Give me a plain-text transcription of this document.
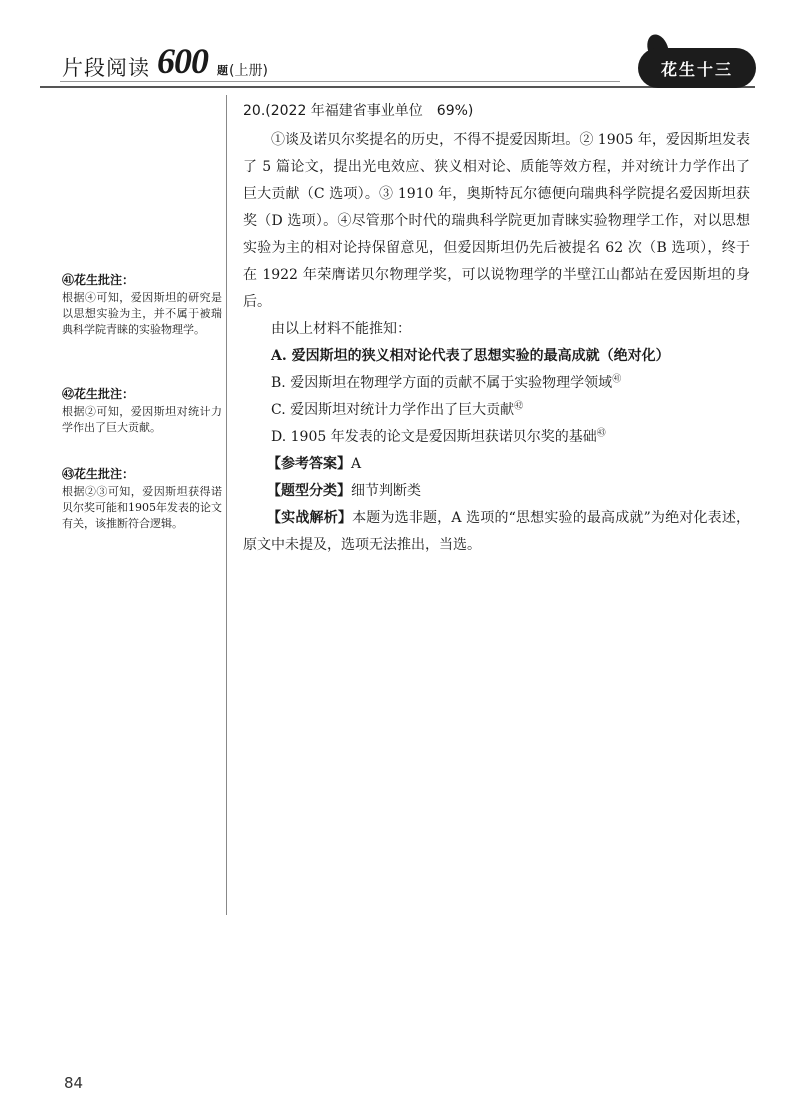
片段阅读 600 题 (上册)	花生十三
㊶花生批注：
根据④可知，爱因斯坦的研究是以思想实验为主，并不属于被瑞典科学院青睐的实验物理学。
㊷花生批注：
根据②可知，爱因斯坦对统计力学作出了巨大贡献。
㊸花生批注：
根据②③可知，爱因斯坦获得诺贝尔奖可能和1905年发表的论文有关，该推断符合逻辑。
20.(2022 年福建省事业单位　69%)

①谈及诺贝尔奖提名的历史，不得不提爱因斯坦。② 1905 年，爱因斯坦发表了 5 篇论文，提出光电效应、狭义相对论、质能等效方程，并对统计力学作出了巨大贡献（C 选项）。③ 1910 年，奥斯特瓦尔德便向瑞典科学院提名爱因斯坦获奖（D 选项）。④尽管那个时代的瑞典科学院更加青睐实验物理学工作，对以思想实验为主的相对论持保留意见，但爱因斯坦仍先后被提名 62 次（B 选项），终于在 1922 年荣膺诺贝尔物理学奖，可以说物理学的半壁江山都站在爱因斯坦的身后。

由以上材料不能推知：

A. 爱因斯坦的狭义相对论代表了思想实验的最高成就（绝对化）

B. 爱因斯坦在物理学方面的贡献不属于实验物理学领域$^㊶$

C. 爱因斯坦对统计力学作出了巨大贡献$^㊷$

D. 1905 年发表的论文是爱因斯坦获诺贝尔奖的基础$^㊸$

【参考答案】A

【题型分类】细节判断类

【实战解析】本题为选非题，A 选项的“思想实验的最高成就”为绝对化表述，原文中未提及，选项无法推出，当选。

84
